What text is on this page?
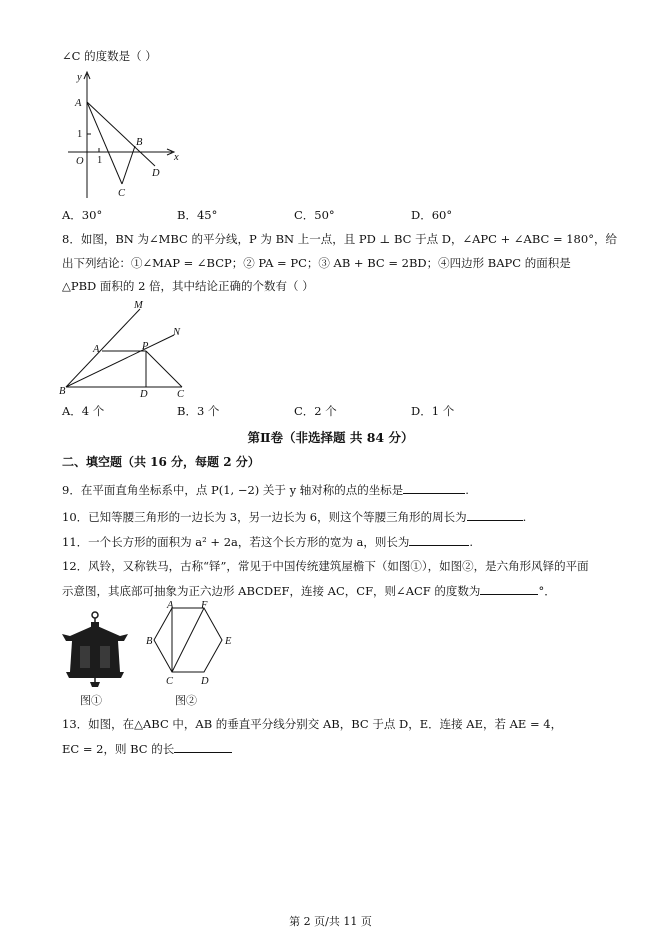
∠C 的度数是（ ）
y
x
A
1
O 1
B
C
D
A．30°	B．45°	C．50°	D．60°
8．如图，BN 为∠MBC 的平分线，P 为 BN 上一点，且 PD ⊥ BC 于点 D，∠APC + ∠ABC = 180°，给
出下列结论：①∠MAP = ∠BCP；② PA = PC；③ AB + BC = 2BD；④四边形 BAPC 的面积是
△PBD 面积的 2 倍，其中结论正确的个数有（ ）
M
N
A	P
B	D	C
A．4 个	B．3 个	C．2 个	D．1 个
第Ⅱ卷（非选择题 共 84 分）
二、填空题（共 16 分，每题 2 分）
9．在平面直角坐标系中，点 P(1, −2) 关于 y 轴对称的点的坐标是	.
10．已知等腰三角形的一边长为 3，另一边长为 6，则这个等腰三角形的周长为	.
11．一个长方形的面积为 a² + 2a，若这个长方形的宽为 a，则长为	.
12．风铃，又称铁马，古称“铎”，常见于中国传统建筑屋檐下（如图①），如图②，是六角形风铎的平面
示意图，其底部可抽象为正六边形 ABCDEF，连接 AC，CF，则∠ACF 的度数为	°．
图①
A	F
B	E
C	D
图②
13．如图，在△ABC 中，AB 的垂直平分线分别交 AB，BC 于点 D，E．连接 AE，若 AE = 4，
EC = 2，则 BC 的长
第 2 页/共 11 页
